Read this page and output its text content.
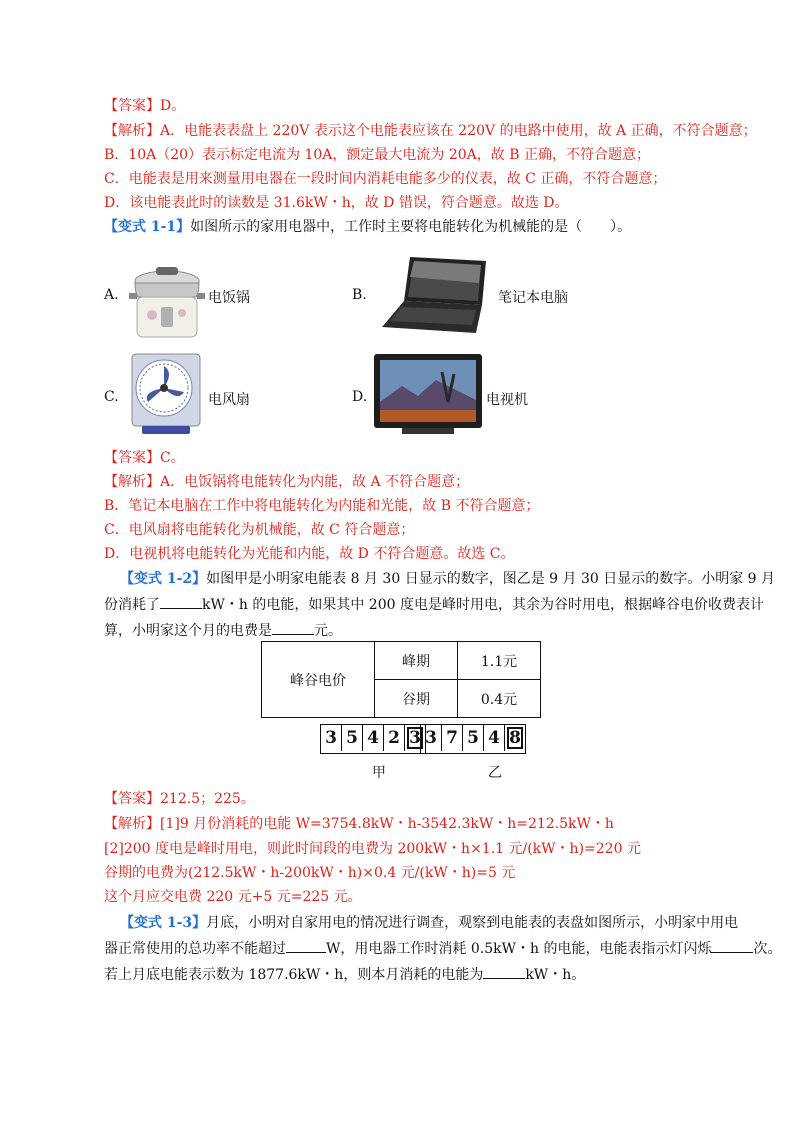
【答案】D。
【解析】A．电能表表盘上 220V 表示这个电能表应该在 220V 的电路中使用，故 A 正确，不符合题意；
B．10A（20）表示标定电流为 10A，额定最大电流为 20A，故 B 正确，不符合题意；
C．电能表是用来测量用电器在一段时间内消耗电能多少的仪表，故 C 正确，不符合题意；
D．该电能表此时的读数是 31.6kW・h，故 D 错误，符合题意。故选 D。
【变式 1-1】如图所示的家用电器中，工作时主要将电能转化为机械能的是（　　）。
A.	电饭锅	B.	笔记本电脑
C.	电风扇	D.	电视机
【答案】C。
【解析】A．电饭锅将电能转化为内能，故 A 不符合题意；
B．笔记本电脑在工作中将电能转化为内能和光能，故 B 不符合题意；
C．电风扇将电能转化为机械能，故 C 符合题意；
D．电视机将电能转化为光能和内能，故 D 不符合题意。故选 C。
【变式 1-2】如图甲是小明家电能表 8 月 30 日显示的数字，图乙是 9 月 30 日显示的数字。小明家 9 月
份消耗了	kW・h 的电能，如果其中 200 度电是峰时用电，其余为谷时用电，根据峰谷电价收费表计
算，小明家这个月的电费是	元。
峰谷电价	峰期	1.1元
	谷期	0.4元
3 5 4 2 3 3 7 5 4 8
甲	乙
【答案】212.5；225。
【解析】[1]9 月份消耗的电能 W=3754.8kW・h-3542.3kW・h=212.5kW・h
[2]200 度电是峰时用电，则此时间段的电费为 200kW・h×1.1 元/(kW・h)=220 元
谷期的电费为(212.5kW・h-200kW・h)×0.4 元/(kW・h)=5 元
这个月应交电费 220 元+5 元=225 元。
【变式 1-3】月底，小明对自家用电的情况进行调查，观察到电能表的表盘如图所示，小明家中用电
器正常使用的总功率不能超过	W，用电器工作时消耗 0.5kW・h 的电能，电能表指示灯闪烁	次。
若上月底电能表示数为 1877.6kW・h，则本月消耗的电能为	kW・h。
